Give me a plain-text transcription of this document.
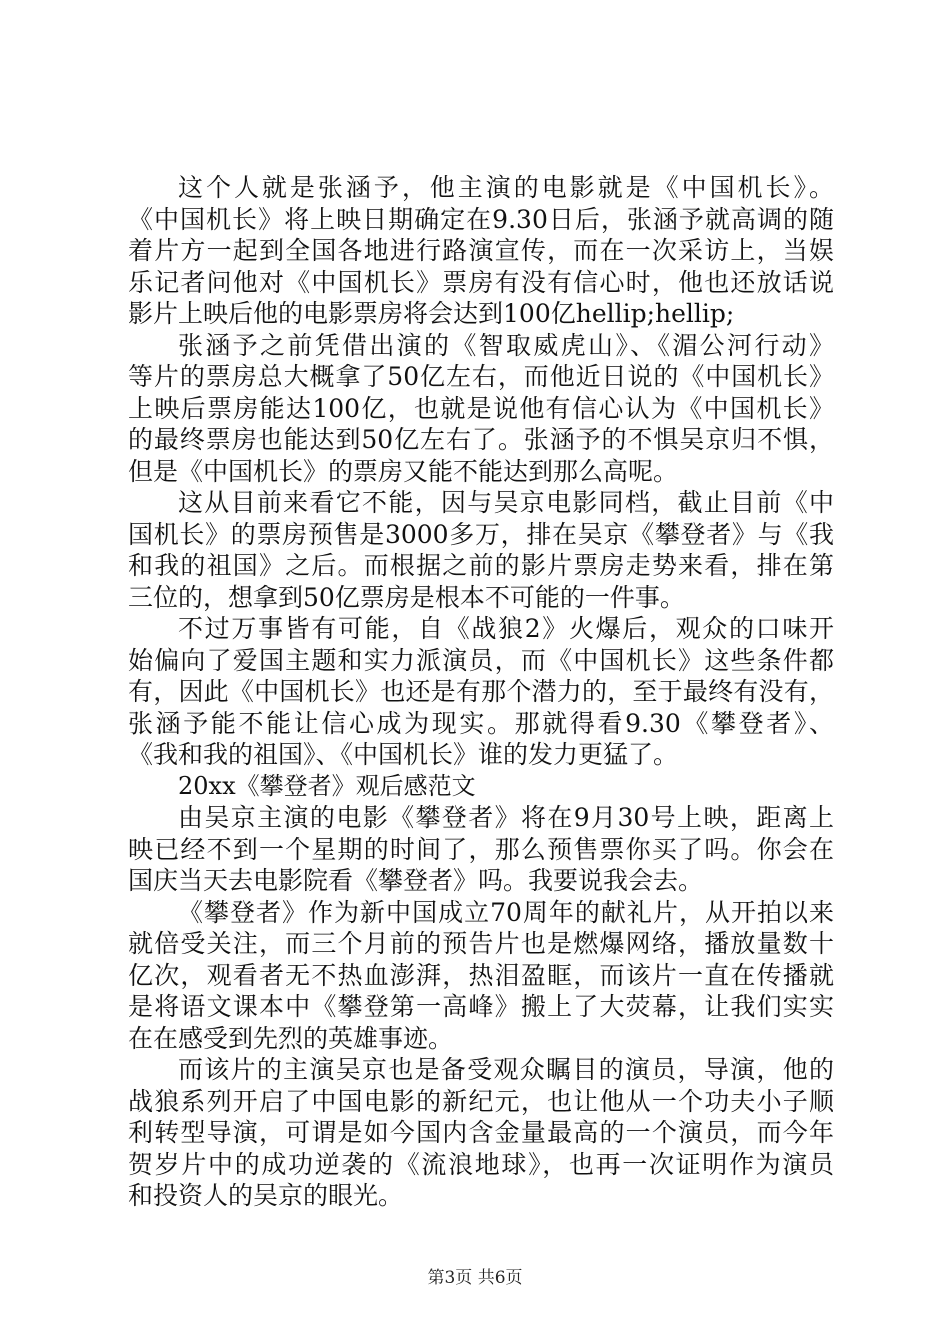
这个人就是张涵予，他主演的电影就是《中国机长》。
《中国机长》将上映日期确定在9.30日后，张涵予就高调的随
着片方一起到全国各地进行路演宣传，而在一次采访上，当娱
乐记者问他对《中国机长》票房有没有信心时，他也还放话说
影片上映后他的电影票房将会达到100亿hellip;hellip;
张涵予之前凭借出演的《智取威虎山》、《湄公河行动》
等片的票房总大概拿了50亿左右，而他近日说的《中国机长》
上映后票房能达100亿，也就是说他有信心认为《中国机长》
的最终票房也能达到50亿左右了。张涵予的不惧吴京归不惧，
但是《中国机长》的票房又能不能达到那么高呢。
这从目前来看它不能，因与吴京电影同档，截止目前《中
国机长》的票房预售是3000多万，排在吴京《攀登者》与《我
和我的祖国》之后。而根据之前的影片票房走势来看，排在第
三位的，想拿到50亿票房是根本不可能的一件事。
不过万事皆有可能，自《战狼2》火爆后，观众的口味开
始偏向了爱国主题和实力派演员，而《中国机长》这些条件都
有，因此《中国机长》也还是有那个潜力的，至于最终有没有，
张涵予能不能让信心成为现实。那就得看9.30《攀登者》、
《我和我的祖国》、《中国机长》谁的发力更猛了。
20xx《攀登者》观后感范文
由吴京主演的电影《攀登者》将在9月30号上映，距离上
映已经不到一个星期的时间了，那么预售票你买了吗。你会在
国庆当天去电影院看《攀登者》吗。我要说我会去。
《攀登者》作为新中国成立70周年的献礼片，从开拍以来
就倍受关注，而三个月前的预告片也是燃爆网络，播放量数十
亿次，观看者无不热血澎湃，热泪盈眶，而该片一直在传播就
是将语文课本中《攀登第一高峰》搬上了大荧幕，让我们实实
在在感受到先烈的英雄事迹。
而该片的主演吴京也是备受观众瞩目的演员，导演，他的
战狼系列开启了中国电影的新纪元，也让他从一个功夫小子顺
利转型导演，可谓是如今国内含金量最高的一个演员，而今年
贺岁片中的成功逆袭的《流浪地球》，也再一次证明作为演员
和投资人的吴京的眼光。
第3页 共6页
